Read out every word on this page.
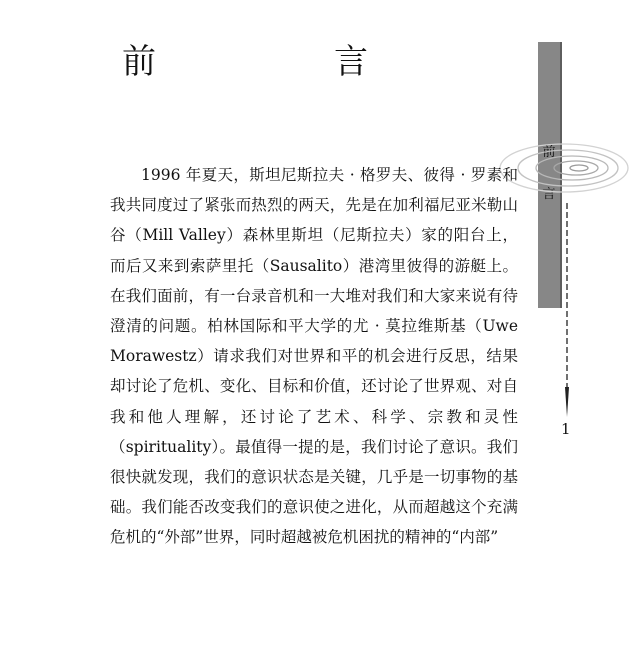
前　言
前言

1996 年夏天，斯坦尼斯拉夫 · 格罗夫、彼得 · 罗素和我共同度过了紧张而热烈的两天，先是在加利福尼亚米勒山谷（Mill Valley）森林里斯坦（尼斯拉夫）家的阳台上，而后又来到索萨里托（Sausalito）港湾里彼得的游艇上。在我们面前，有一台录音机和一大堆对我们和大家来说有待澄清的问题。柏林国际和平大学的尤 · 莫拉维斯基（Uwe Morawestz）请求我们对世界和平的机会进行反思，结果却讨论了危机、变化、目标和价值，还讨论了世界观、对自我和他人理解，还讨论了艺术、科学、宗教和灵性（spirituality）。最值得一提的是，我们讨论了意识。我们很快就发现，我们的意识状态是关键，几乎是一切事物的基础。我们能否改变我们的意识使之进化，从而超越这个充满危机的“外部”世界，同时超越被危机困扰的精神的“内部”

1
